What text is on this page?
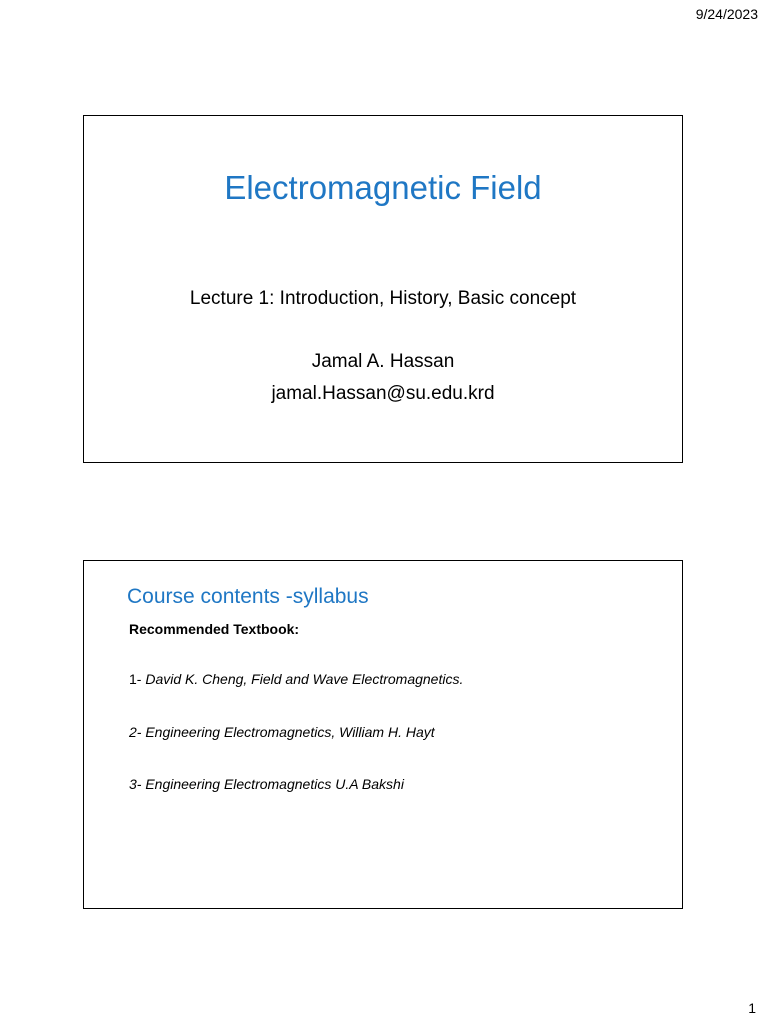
9/24/2023
Electromagnetic Field
Lecture 1: Introduction, History, Basic concept
Jamal A. Hassan
jamal.Hassan@su.edu.krd
Course contents -syllabus
Recommended Textbook:
1- David K. Cheng, Field and Wave Electromagnetics.
2- Engineering Electromagnetics, William H. Hayt
3- Engineering Electromagnetics U.A Bakshi
1
